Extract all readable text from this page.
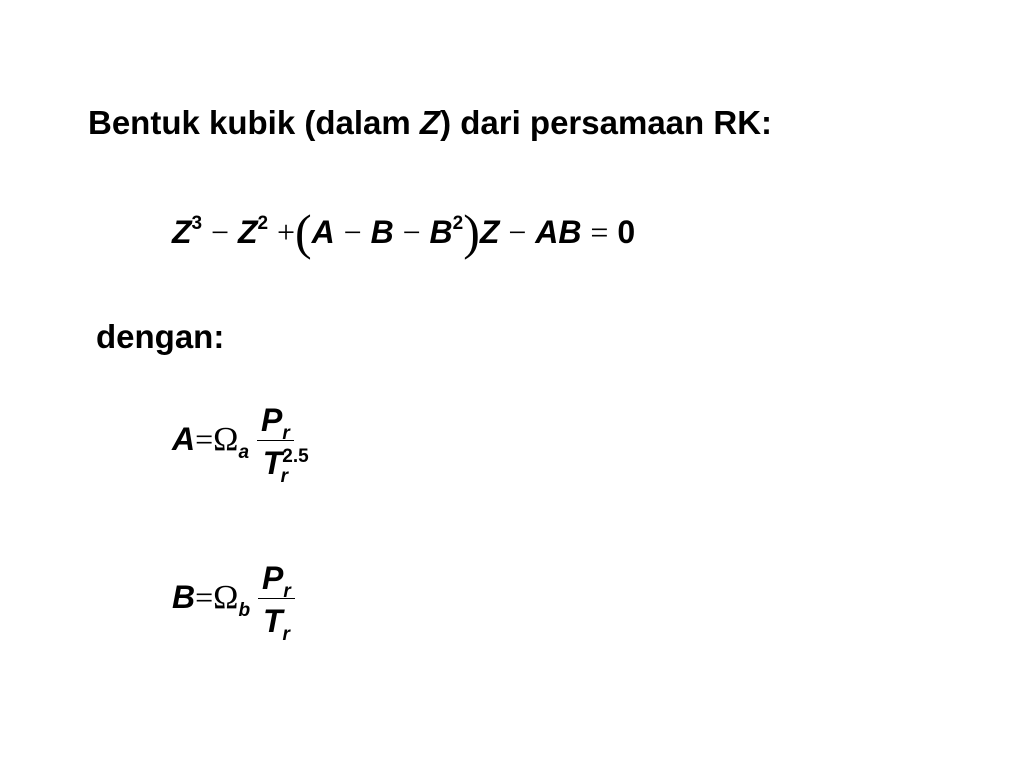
Bentuk kubik (dalam Z) dari persamaan RK:
$Z^3 - Z^2 +(A - B - B^2)Z$ − AB = 0
dengan:
$A=\Omega_a \frac{P_r}{T^{2.5}_r}$
$B=\Omega_b \frac{P_r}{T_r}$
